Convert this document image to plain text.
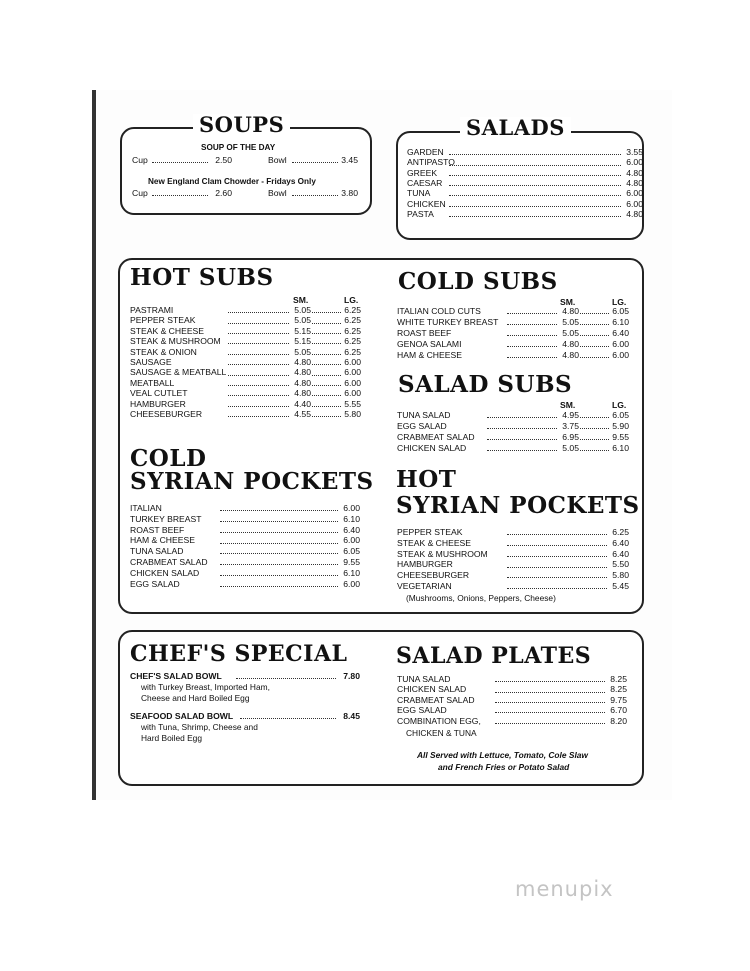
SOUPS
SOUP OF THE DAY
Cup	2.50	Bowl	3.45
New England Clam Chowder - Fridays Only
Cup	2.60	Bowl	3.80
SALADS
GARDEN	3.55
ANTIPASTO	6.00
GREEK	4.80
CAESAR	4.80
TUNA	6.00
CHICKEN	6.00
PASTA	4.80
HOT SUBS
SM.	LG.
PASTRAMI	5.05	6.25
PEPPER STEAK	5.05	6.25
STEAK & CHEESE	5.15	6.25
STEAK & MUSHROOM	5.15	6.25
STEAK & ONION	5.05	6.25
SAUSAGE	4.80	6.00
SAUSAGE & MEATBALL	4.80	6.00
MEATBALL	4.80	6.00
VEAL CUTLET	4.80	6.00
HAMBURGER	4.40	5.55
CHEESEBURGER	4.55	5.80
COLD SUBS
SM.	LG.
ITALIAN COLD CUTS	4.80	6.05
WHITE TURKEY BREAST	5.05	6.10
ROAST BEEF	5.05	6.40
GENOA SALAMI	4.80	6.00
HAM & CHEESE	4.80	6.00
SALAD SUBS
SM.	LG.
TUNA SALAD	4.95	6.05
EGG SALAD	3.75	5.90
CRABMEAT SALAD	6.95	9.55
CHICKEN SALAD	5.05	6.10
COLD
SYRIAN POCKETS
ITALIAN	6.00
TURKEY BREAST	6.10
ROAST BEEF	6.40
HAM & CHEESE	6.00
TUNA SALAD	6.05
CRABMEAT SALAD	9.55
CHICKEN SALAD	6.10
EGG SALAD	6.00
HOT
SYRIAN POCKETS
PEPPER STEAK	6.25
STEAK & CHEESE	6.40
STEAK & MUSHROOM	6.40
HAMBURGER	5.50
CHEESEBURGER	5.80
VEGETARIAN	5.45
(Mushrooms, Onions, Peppers, Cheese)
CHEF'S SPECIAL
CHEF'S SALAD BOWL	7.80
with Turkey Breast, Imported Ham,
Cheese and Hard Boiled Egg
SEAFOOD SALAD BOWL	8.45
with Tuna, Shrimp, Cheese and
Hard Boiled Egg
SALAD PLATES
TUNA SALAD	8.25
CHICKEN SALAD	8.25
CRABMEAT SALAD	9.75
EGG SALAD	6.70
COMBINATION EGG,	8.20
CHICKEN & TUNA
All Served with Lettuce, Tomato, Cole Slaw
and French Fries or Potato Salad
menupix
